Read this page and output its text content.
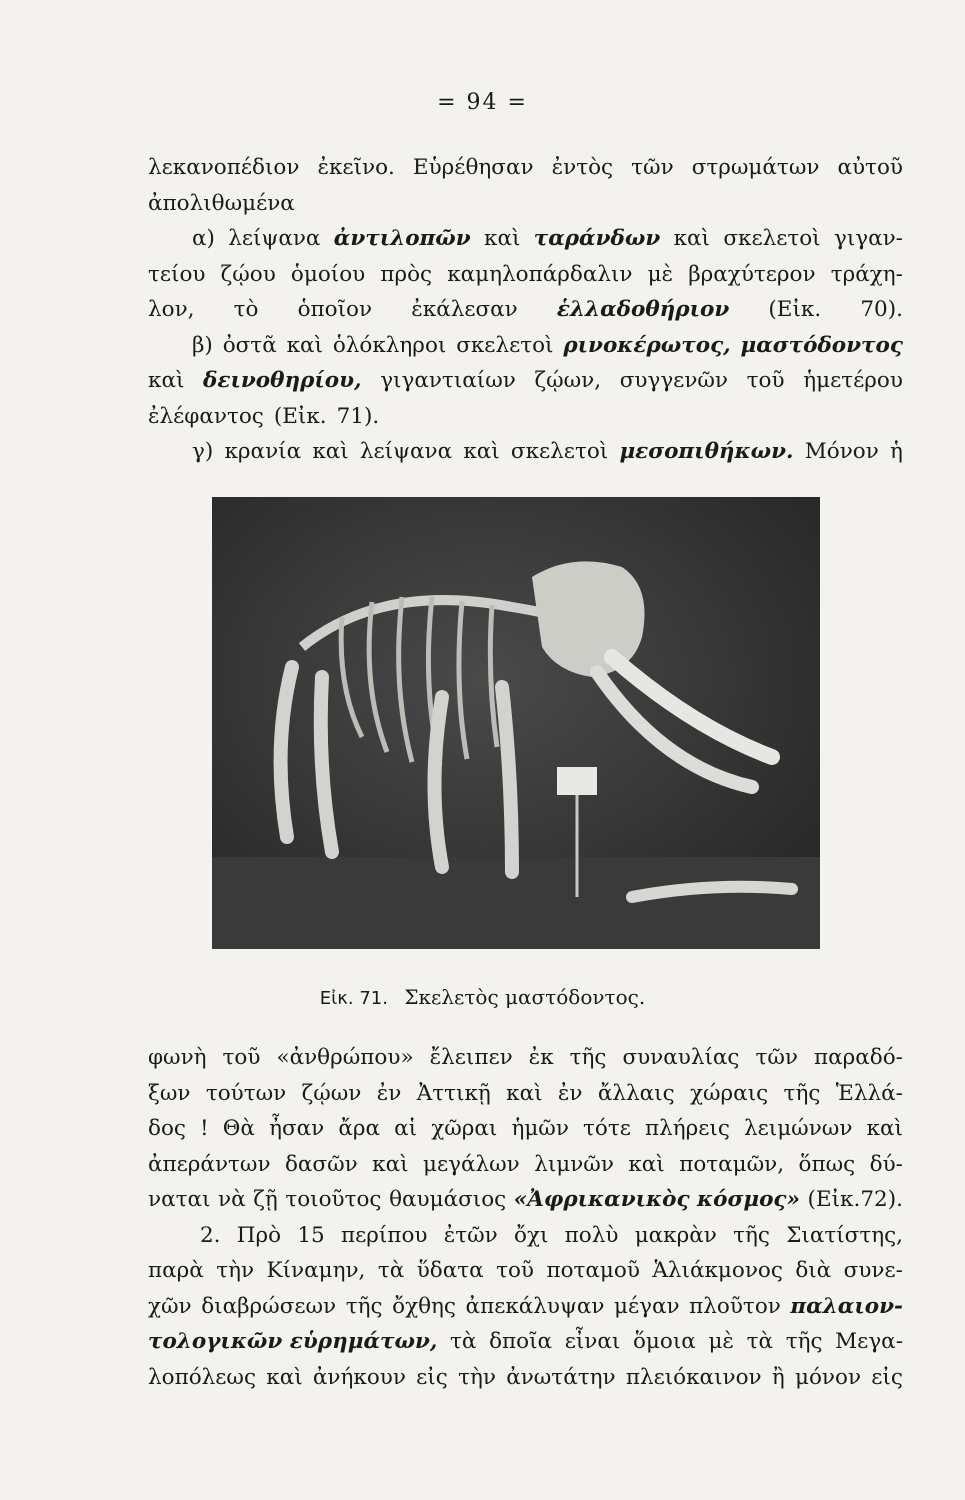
= 94 =
λεκανοπέδιον ἐκεῖνο. Εὑρέθησαν ἐντὸς τῶν στρωμάτων αὐτοῦ
ἀπολιθωμένα
α) λείψανα ἀντιλοπῶν καὶ ταράνδων καὶ σκελετοὶ γιγαν-
τείου ζῴου ὁμοίου πρὸς καμηλοπάρδαλιν μὲ βραχύτερον τράχη-
λον, τὸ ὁποῖον ἐκάλεσαν ἑλλαδοθήριον (Εἰκ. 70).
β) ὀστᾶ καὶ ὁλόκληροι σκελετοὶ ρινοκέρωτος, μαστόδοντος
καὶ δεινοθηρίου, γιγαντιαίων ζῴων, συγγενῶν τοῦ ἡμετέρου
ἐλέφαντος (Εἰκ. 71).
γ) κρανία καὶ λείψανα καὶ σκελετοὶ μεσοπιθήκων. Μόνον ἡ
Εἰκ. 71. Σκελετὸς μαστόδοντος.
φωνὴ τοῦ «ἀνθρώπου» ἔλειπεν ἐκ τῆς συναυλίας τῶν παραδό-
ξων τούτων ζῴων ἐν Ἀττικῇ καὶ ἐν ἄλλαις χώραις τῆς Ἑλλά-
δος ! Θὰ ἦσαν ἄρα αἱ χῶραι ἡμῶν τότε πλήρεις λειμώνων καὶ
ἀπεράντων δασῶν καὶ μεγάλων λιμνῶν καὶ ποταμῶν, ὅπως δύ-
ναται νὰ ζῇ τοιοῦτος θαυμάσιος «Ἀφρικανικὸς κόσμος» (Εἰκ.72).
2. Πρὸ 15 περίπου ἐτῶν ὄχι πολὺ μακρὰν τῆς Σιατίστης,
παρὰ τὴν Κίναμην, τὰ ὕδατα τοῦ ποταμοῦ Ἁλιάκμονος διὰ συνε-
χῶν διαβρώσεων τῆς ὄχθης ἀπεκάλυψαν μέγαν πλοῦτον παλαιον-
τολογικῶν εὑρημάτων, τὰ δποῖα εἶναι ὅμοια μὲ τὰ τῆς Μεγα-
λοπόλεως καὶ ἀνήκουν εἰς τὴν ἀνωτάτην πλειόκαινον ἢ μόνον εἰς
